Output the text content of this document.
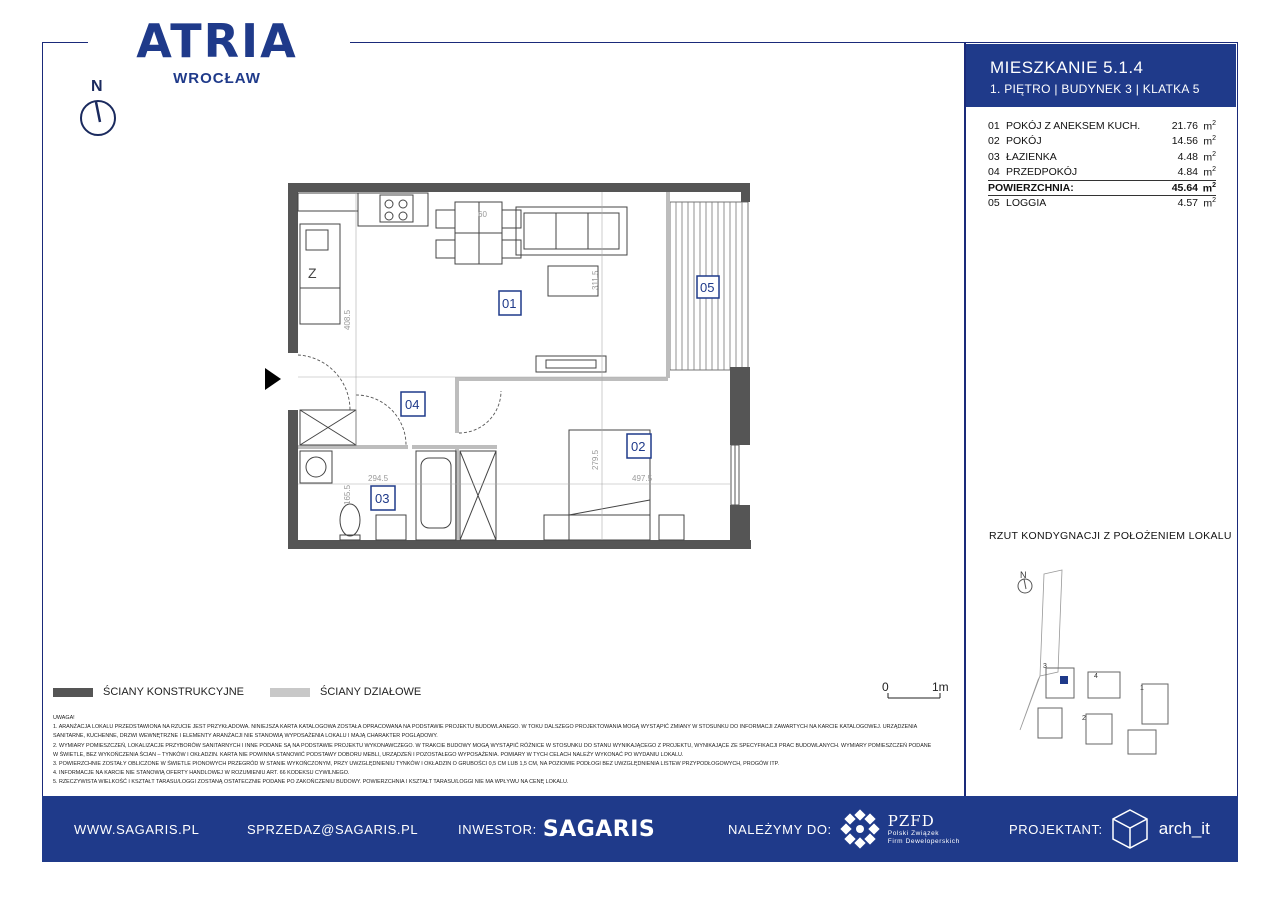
ATRIA
WROCŁAW
N
MIESZKANIE 5.1.4
1. PIĘTRO | BUDYNEK 3 | KLATKA 5
01 POKÓJ Z ANEKSEM KUCH.	21.76 $m^2$
02 POKÓJ	14.56 $m^2$
03 ŁAZIENKA	4.48 $m^2$
04 PRZEDPOKÓJ	4.84 $m^2$
POWIERZCHNIA:	45.64 $m^2$
05 LOGGIA	4.57 $m^2$
Z
408.5
311.5
294.5
279.5
497.5
165.5
60
01
02
03
04
05
ŚCIANY KONSTRUKCYJNE	ŚCIANY DZIAŁOWE	0	1m
UWAGA!
1. ARANŻACJA LOKALU PRZEDSTAWIONA NA RZUCIE JEST PRZYKŁADOWA. NINIEJSZA KARTA KATALOGOWA ZOSTAŁA OPRACOWANA NA PODSTAWIE PROJEKTU BUDOWLANEGO. W TOKU DALSZEGO PROJEKTOWANIA MOGĄ WYSTĄPIĆ ZMIANY W STOSUNKU DO INFORMACJI ZAWARTYCH NA KARCIE KATALOGOWEJ. URZĄDZENIA
SANITARNE, KUCHENNE, DRZWI WEWNĘTRZNE I ELEMENTY ARANŻACJI NIE STANOWIĄ WYPOSAŻENIA LOKALU I MAJĄ CHARAKTER POGLĄDOWY.
2. WYMIARY POMIESZCZEŃ, LOKALIZACJE PRZYBORÓW SANITARNYCH I INNE PODANE SĄ NA PODSTAWIE PROJEKTU WYKONAWCZEGO. W TRAKCIE BUDOWY MOGĄ WYSTĄPIĆ RÓŻNICE W STOSUNKU DO STANU WYNIKAJĄCEGO Z PROJEKTU, WYNIKAJĄCE ZE SPECYFIKACJI PRAC BUDOWLANYCH. WYMIARY POMIESZCZEŃ PODANE
W ŚWIETLE, BEZ WYKOŃCZENIA ŚCIAN – TYNKÓW I OKŁADZIN. KARTA NIE POWINNA STANOWIĆ PODSTAWY DOBORU MEBLI, URZĄDZEŃ I POZOSTAŁEGO WYPOSAŻENIA. POMIARY W TYCH CELACH NALEŻY WYKONAĆ PO WYDANIU LOKALU.
3. POWIERZCHNIE ZOSTAŁY OBLICZONE W ŚWIETLE PIONOWYCH PRZEGRÓD W STANIE WYKOŃCZONYM, PRZY UWZGLĘDNIENIU TYNKÓW I OKŁADZIN O GRUBOŚCI 0,5 CM LUB 1,5 CM, NA POZIOMIE PODŁOGI BEZ UWZGLĘDNIENIA LISTEW PRZYPODŁOGOWYCH, PROGÓW ITP.
4. INFORMACJE NA KARCIE NIE STANOWIĄ OFERTY HANDLOWEJ W ROZUMIENIU ART. 66 KODEKSU CYWILNEGO.
5. RZECZYWISTA WIELKOŚĆ I KSZTAŁT TARASU/LOGGI ZOSTANĄ OSTATECZNIE PODANE PO ZAKOŃCZENIU BUDOWY. POWIERZCHNIA I KSZTAŁT TARASU/LOGGI NIE MA WPŁYWU NA CENĘ LOKALU.
RZUT KONDYGNACJI Z POŁOŻENIEM LOKALU
N
1
2
3
4
WWW.SAGARIS.PL	SPRZEDAZ@SAGARIS.PL	INWESTOR: SAGARIS	NALEŻYMY DO:	PZFD
Polski Związek
Firm Deweloperskich
PROJEKTANT:	arch_it
